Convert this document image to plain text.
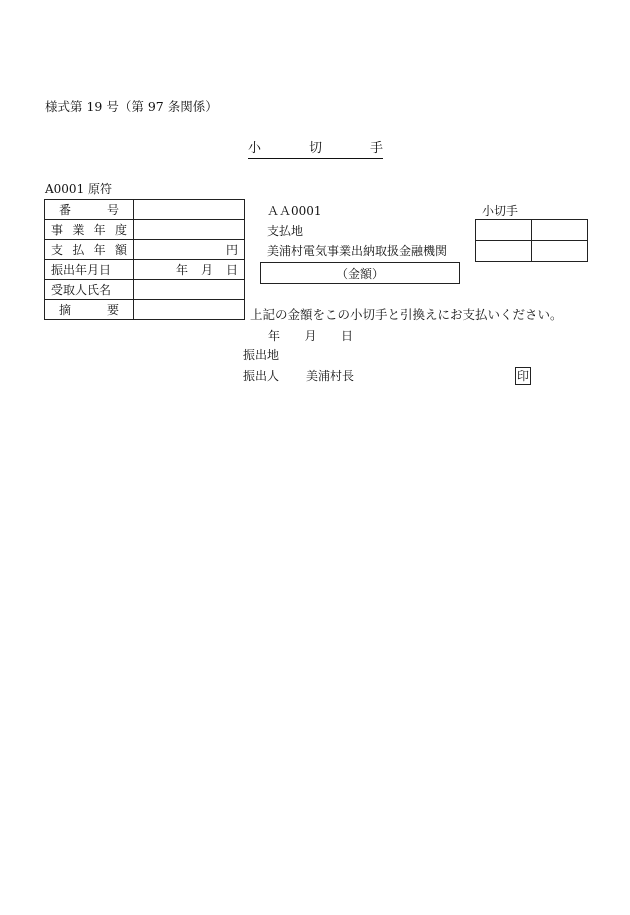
様式第 19 号（第 97 条関係）
小	切	手
A0001 原符
番 号	

事 業 年 度	

支 払 年 額	円
振出年月日	年 月 日

受取人氏名	

摘 要	

ＡＡ0001	小切手

支払地
美浦村電気事業出納取扱金融機関
（金額）
上記の金額をこの小切手と引換えにお支払いください。
年 月 日
振出地
振出人 美浦村長	印
